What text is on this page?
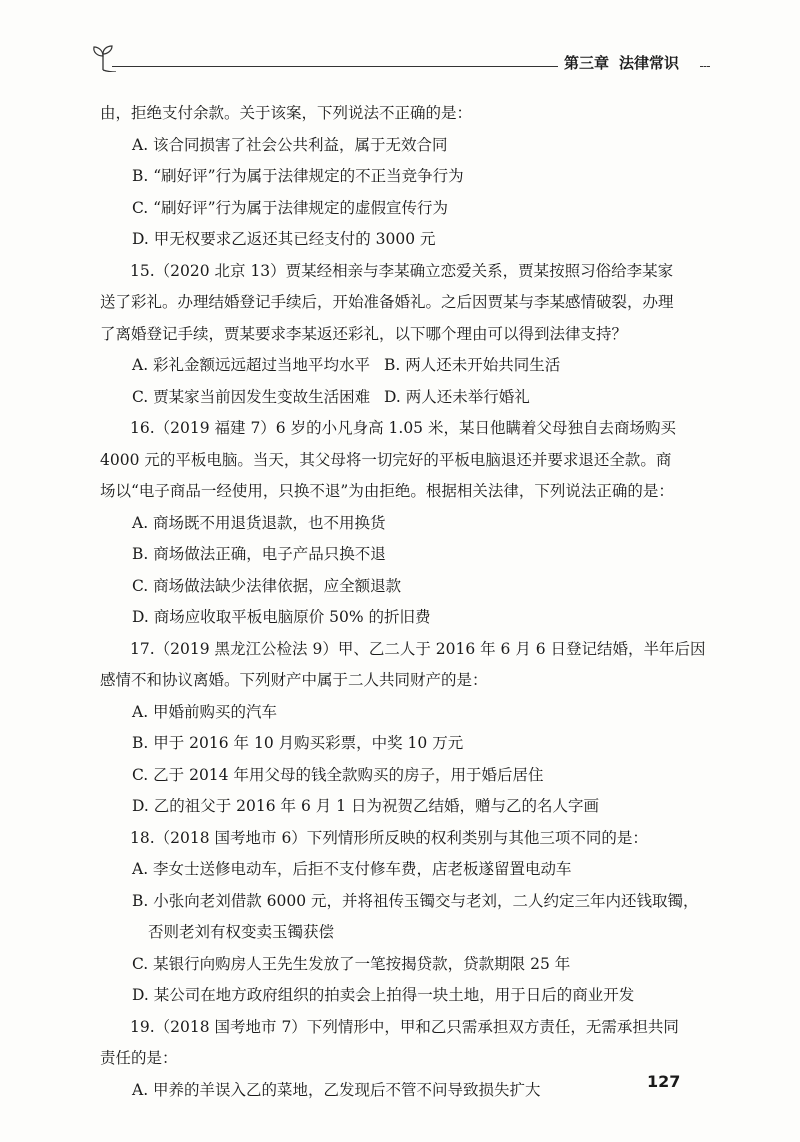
第三章 法律常识
由，拒绝支付余款。关于该案，下列说法不正确的是：
A. 该合同损害了社会公共利益，属于无效合同
B. “刷好评”行为属于法律规定的不正当竞争行为
C. “刷好评”行为属于法律规定的虚假宣传行为
D. 甲无权要求乙返还其已经支付的 3000 元
15.（2020 北京 13）贾某经相亲与李某确立恋爱关系，贾某按照习俗给李某家
送了彩礼。办理结婚登记手续后，开始准备婚礼。之后因贾某与李某感情破裂，办理
了离婚登记手续，贾某要求李某返还彩礼，以下哪个理由可以得到法律支持？
A. 彩礼金额远远超过当地平均水平 B. 两人还未开始共同生活
C. 贾某家当前因发生变故生活困难 D. 两人还未举行婚礼
16.（2019 福建 7）6 岁的小凡身高 1.05 米，某日他瞒着父母独自去商场购买
4000 元的平板电脑。当天，其父母将一切完好的平板电脑退还并要求退还全款。商
场以“电子商品一经使用，只换不退”为由拒绝。根据相关法律，下列说法正确的是：
A. 商场既不用退货退款，也不用换货
B. 商场做法正确，电子产品只换不退
C. 商场做法缺少法律依据，应全额退款
D. 商场应收取平板电脑原价 50% 的折旧费
17.（2019 黑龙江公检法 9）甲、乙二人于 2016 年 6 月 6 日登记结婚，半年后因
感情不和协议离婚。下列财产中属于二人共同财产的是：
A. 甲婚前购买的汽车
B. 甲于 2016 年 10 月购买彩票，中奖 10 万元
C. 乙于 2014 年用父母的钱全款购买的房子，用于婚后居住
D. 乙的祖父于 2016 年 6 月 1 日为祝贺乙结婚，赠与乙的名人字画
18.（2018 国考地市 6）下列情形所反映的权利类别与其他三项不同的是：
A. 李女士送修电动车，后拒不支付修车费，店老板遂留置电动车
B. 小张向老刘借款 6000 元，并将祖传玉镯交与老刘，二人约定三年内还钱取镯，
否则老刘有权变卖玉镯获偿
C. 某银行向购房人王先生发放了一笔按揭贷款，贷款期限 25 年
D. 某公司在地方政府组织的拍卖会上拍得一块土地，用于日后的商业开发
19.（2018 国考地市 7）下列情形中，甲和乙只需承担双方责任，无需承担共同
责任的是：
A. 甲养的羊误入乙的菜地，乙发现后不管不问导致损失扩大	127
